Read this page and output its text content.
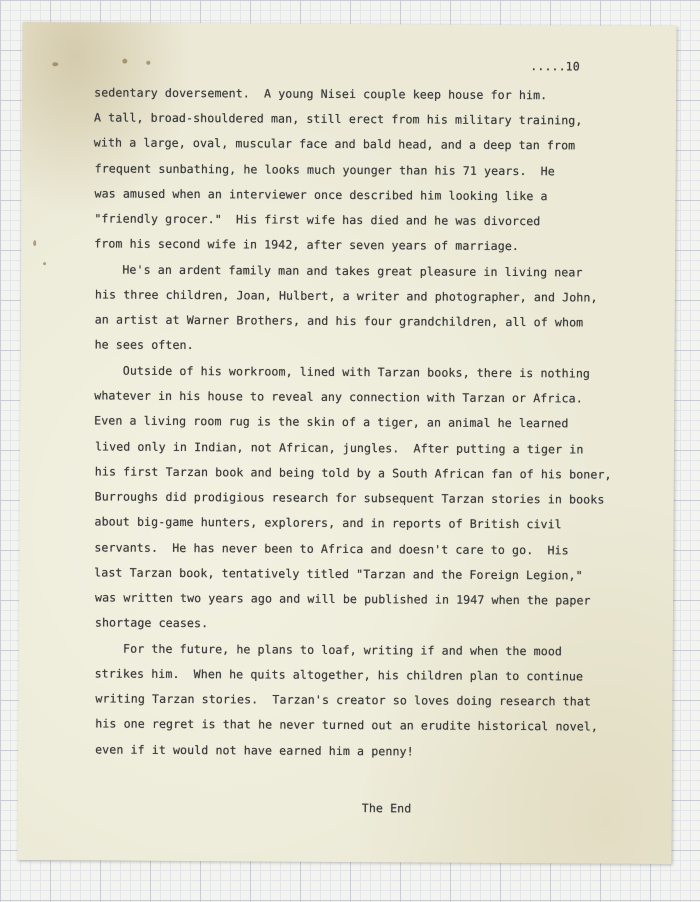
.....10

sedentary doversement.  A young Nisei couple keep house for him.

A tall, broad-shouldered man, still erect from his military training,

with a large, oval, muscular face and bald head, and a deep tan from

frequent sunbathing, he looks much younger than his 71 years.  He

was amused when an interviewer once described him looking like a

"friendly grocer."  His first wife has died and he was divorced

from his second wife in 1942, after seven years of marriage.

He's an ardent family man and takes great pleasure in living near

his three children, Joan, Hulbert, a writer and photographer, and John,

an artist at Warner Brothers, and his four grandchildren, all of whom

he sees often.

Outside of his workroom, lined with Tarzan books, there is nothing

whatever in his house to reveal any connection with Tarzan or Africa.

Even a living room rug is the skin of a tiger, an animal he learned

lived only in Indian, not African, jungles.  After putting a tiger in

his first Tarzan book and being told by a South African fan of his boner,

Burroughs did prodigious research for subsequent Tarzan stories in books

about big-game hunters, explorers, and in reports of British civil

servants.  He has never been to Africa and doesn't care to go.  His

last Tarzan book, tentatively titled "Tarzan and the Foreign Legion,"

was written two years ago and will be published in 1947 when the paper

shortage ceases.

For the future, he plans to loaf, writing if and when the mood

strikes him.  When he quits altogether, his children plan to continue

writing Tarzan stories.  Tarzan's creator so loves doing research that

his one regret is that he never turned out an erudite historical novel,

even if it would not have earned him a penny!

The End
